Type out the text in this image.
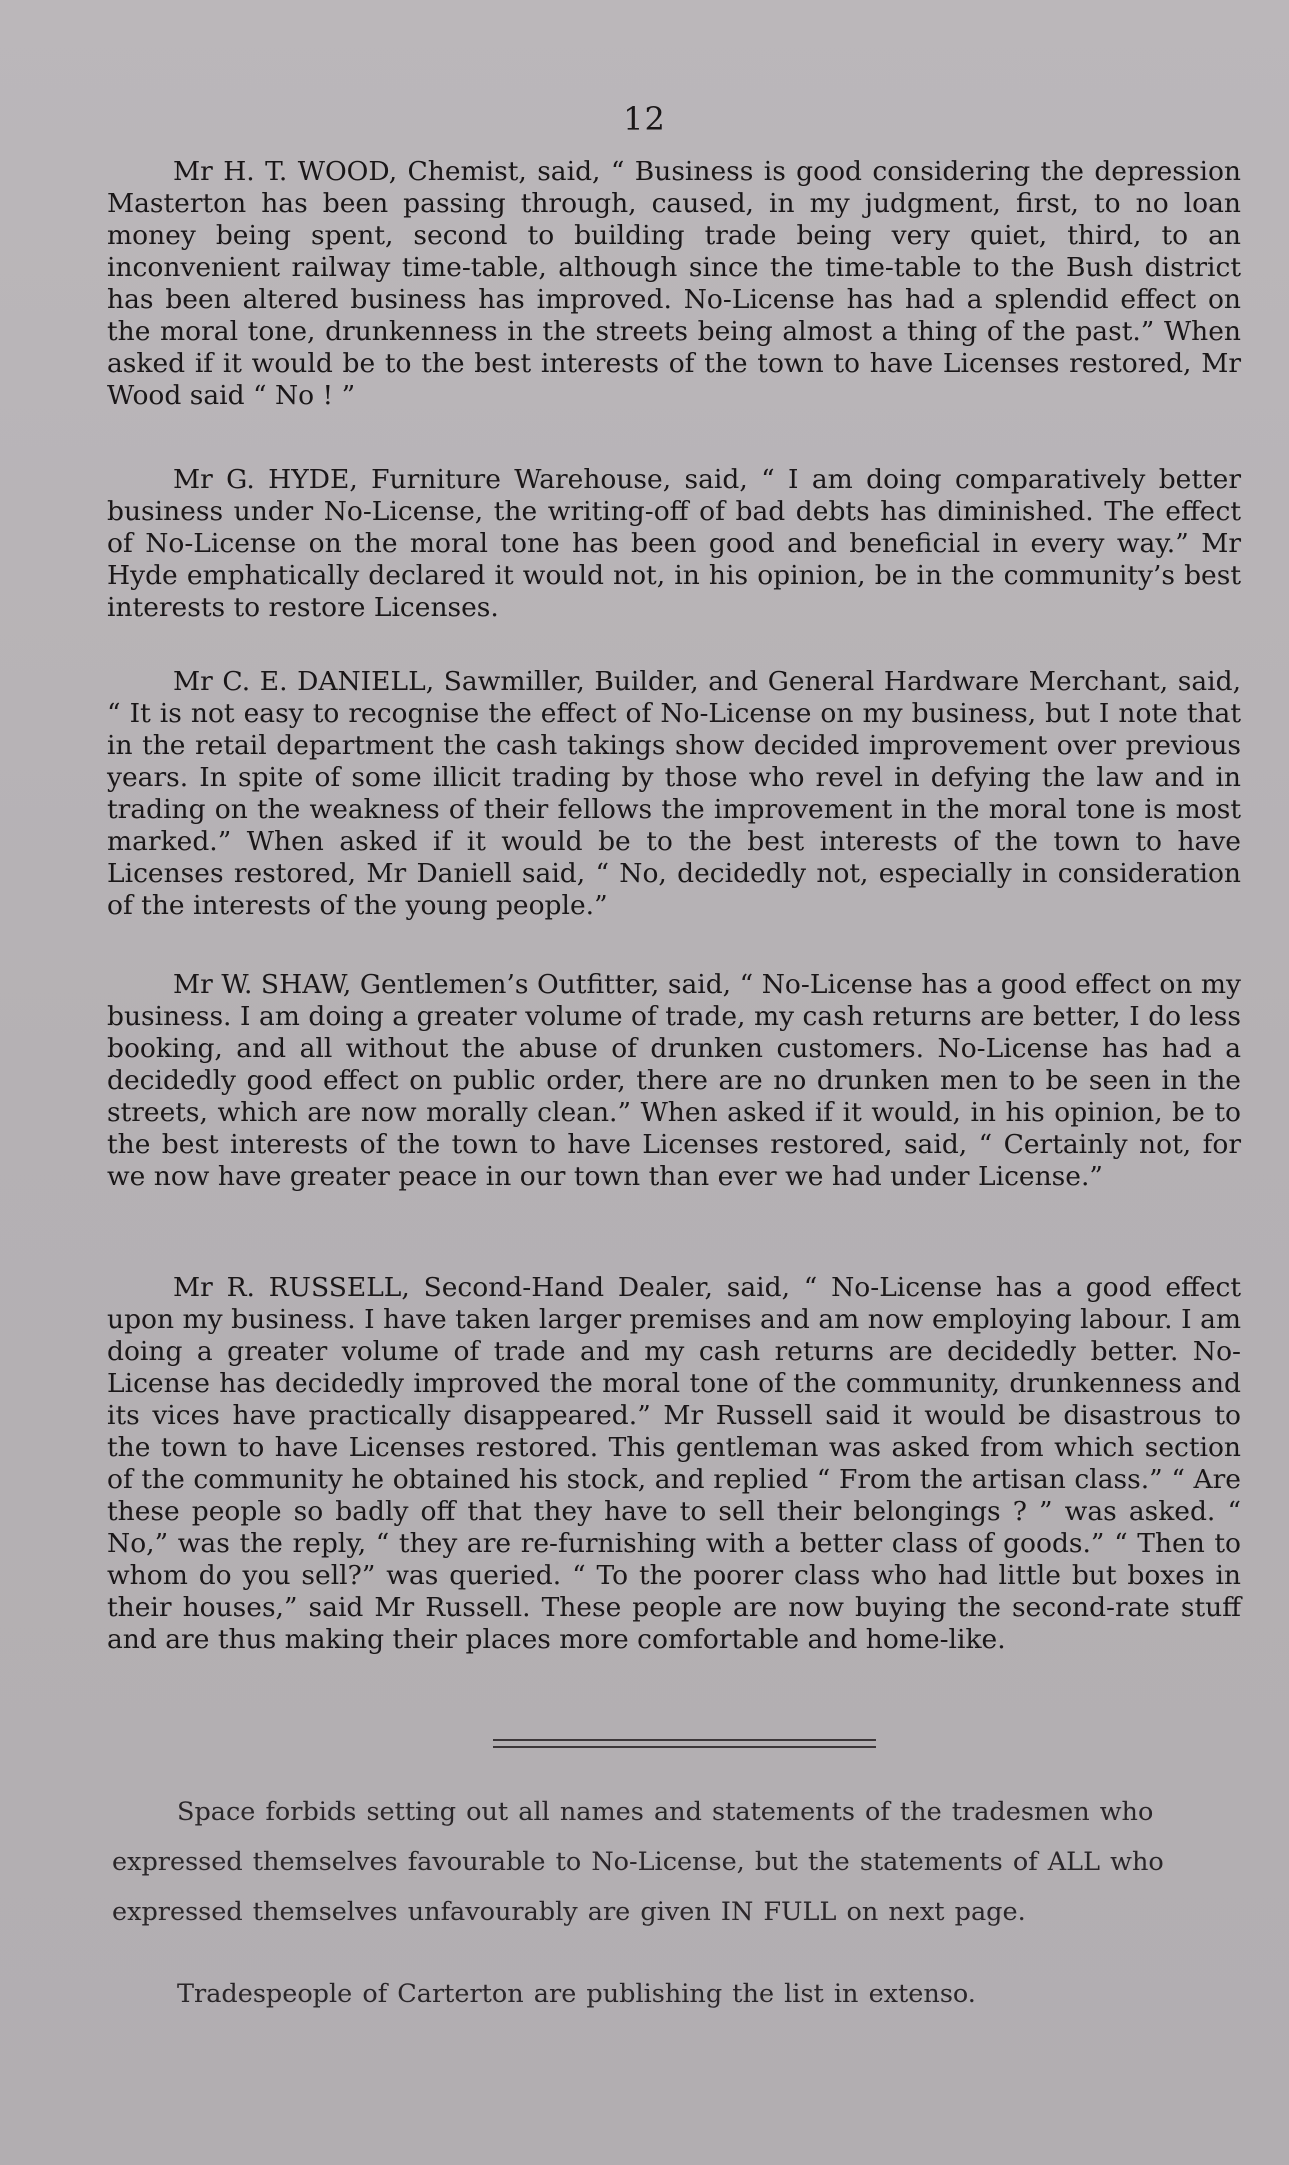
12

Mr H. T. WOOD, Chemist, said, “ Business is good considering the depression Masterton has been passing through, caused, in my judgment, first, to no loan money being spent, second to building trade being very quiet, third, to an inconvenient railway time-table, although since the time-table to the Bush district has been altered business has improved. No-License has had a splendid effect on the moral tone, drunkenness in the streets being almost a thing of the past.” When asked if it would be to the best interests of the town to have Licenses restored, Mr Wood said “ No ! ”

Mr G. HYDE, Furniture Warehouse, said, “ I am doing comparatively better business under No-License, the writing-off of bad debts has diminished. The effect of No-License on the moral tone has been good and beneficial in every way.” Mr Hyde emphatically declared it would not, in his opinion, be in the community’s best interests to restore Licenses.

Mr C. E. DANIELL, Sawmiller, Builder, and General Hardware Merchant, said, “ It is not easy to recognise the effect of No-License on my business, but I note that in the retail department the cash takings show decided improvement over previous years. In spite of some illicit trading by those who revel in defying the law and in trading on the weakness of their fellows the improvement in the moral tone is most marked.” When asked if it would be to the best interests of the town to have Licenses restored, Mr Daniell said, “ No, decidedly not, especially in consideration of the interests of the young people.”

Mr W. SHAW, Gentlemen’s Outfitter, said, “ No-License has a good effect on my business. I am doing a greater volume of trade, my cash returns are better, I do less booking, and all without the abuse of drunken customers. No-License has had a decidedly good effect on public order, there are no drunken men to be seen in the streets, which are now morally clean.” When asked if it would, in his opinion, be to the best interests of the town to have Licenses restored, said, “ Certainly not, for we now have greater peace in our town than ever we had under License.”

Mr R. RUSSELL, Second-Hand Dealer, said, “ No-License has a good effect upon my business. I have taken larger premises and am now employing labour. I am doing a greater volume of trade and my cash returns are decidedly better. No-License has decidedly improved the moral tone of the community, drunkenness and its vices have practically disappeared.” Mr Russell said it would be disastrous to the town to have Licenses restored. This gentleman was asked from which section of the community he obtained his stock, and replied “ From the artisan class.” “ Are these people so badly off that they have to sell their belongings ? ” was asked. “ No,” was the reply, “ they are re-furnishing with a better class of goods.” “ Then to whom do you sell?” was queried. “ To the poorer class who had little but boxes in their houses,” said Mr Russell. These people are now buying the second-rate stuff and are thus making their places more comfortable and home-like.

Space forbids setting out all names and statements of the tradesmen who

expressed themselves favourable to No-License, but the statements of ALL who

expressed themselves unfavourably are given IN FULL on next page.

Tradespeople of Carterton are publishing the list in extenso.
